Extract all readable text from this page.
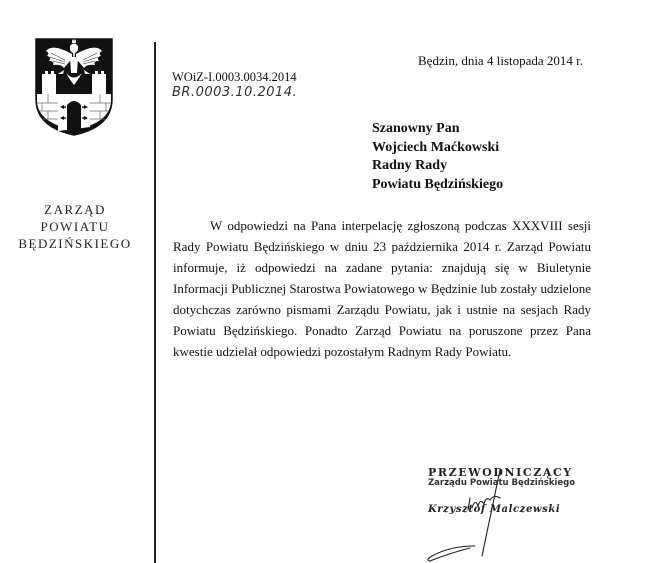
ZARZĄD
POWIATU
BĘDZIŃSKIEGO
WOiZ-I.0003.0034.2014
BR.0003.10.2014.
Będzin, dnia 4 listopada 2014 r.
Szanowny Pan
Wojciech Maćkowski
Radny Rady
Powiatu Będzińskiego

W odpowiedzi na Pana interpelację zgłoszoną podczas XXXVIII sesji Rady Powiatu Będzińskiego w dniu 23 października 2014 r. Zarząd Powiatu informuje, iż odpowiedzi na zadane pytania: znajdują się w Biuletynie Informacji Publicznej Starostwa Powiatowego w Będzinie lub zostały udzielone dotychczas zarówno pismami Zarządu Powiatu, jak i ustnie na sesjach Rady Powiatu Będzińskiego. Ponadto Zarząd Powiatu na poruszone przez Pana kwestie udzielał odpowiedzi pozostałym Radnym Rady Powiatu.

PRZEWODNICZĄCY
Zarządu Powiatu Będzińskiego
Krzysztof Malczewski
